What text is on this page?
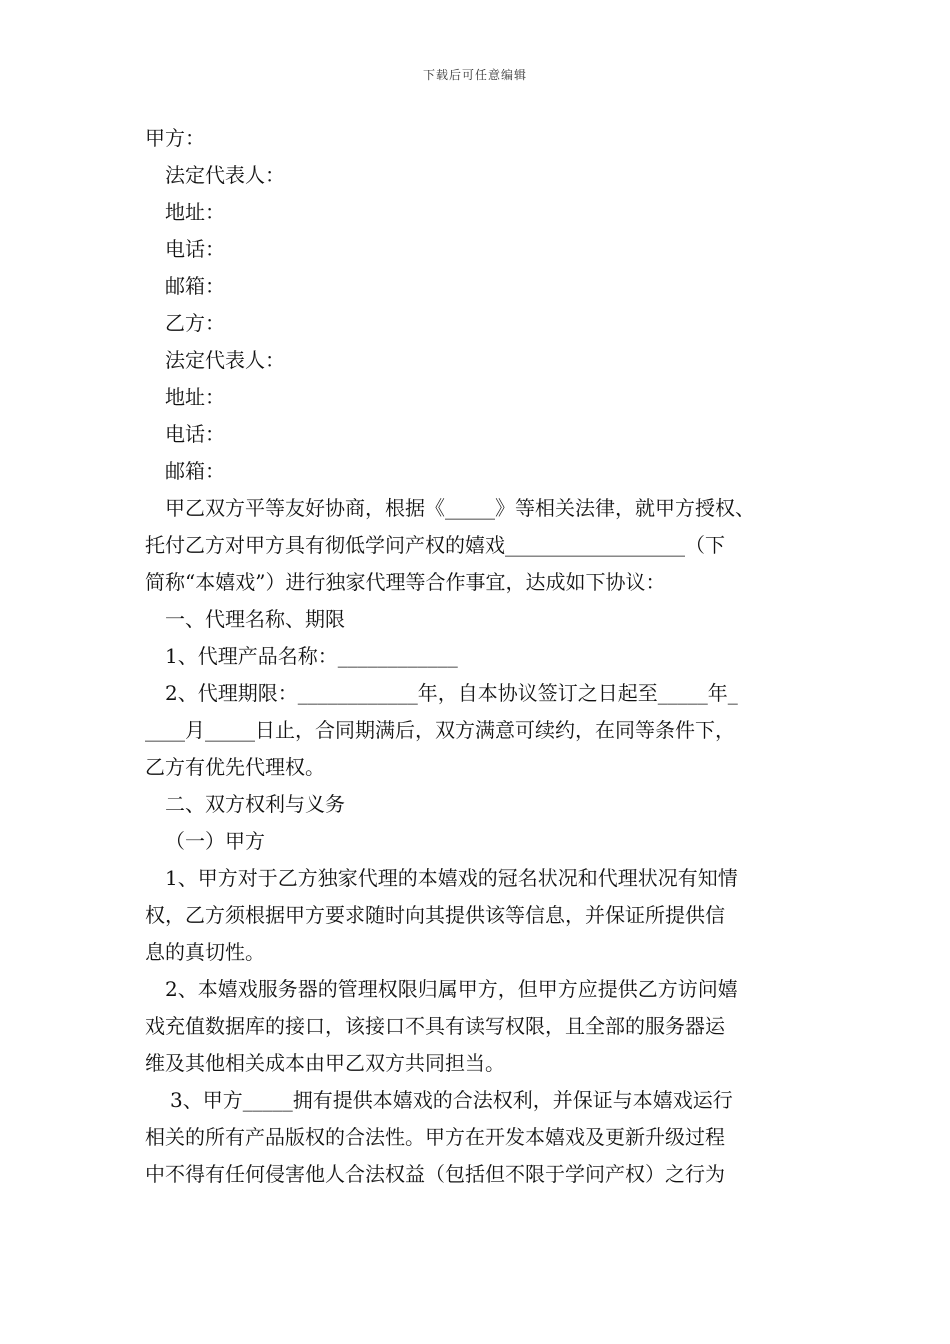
下载后可任意编辑
甲方：
法定代表人：
地址：
电话：
邮箱：
乙方：
法定代表人：
地址：
电话：
邮箱：
甲乙双方平等友好协商，根据《_____》等相关法律，就甲方授权、
托付乙方对甲方具有彻低学问产权的嬉戏__________________（下
简称“本嬉戏”）进行独家代理等合作事宜，达成如下协议：
一、代理名称、期限
1、代理产品名称：____________
2、代理期限：____________年，自本协议签订之日起至_____年_
____月_____日止，合同期满后，双方满意可续约，在同等条件下，
乙方有优先代理权。
二、双方权利与义务
（一）甲方
1、甲方对于乙方独家代理的本嬉戏的冠名状况和代理状况有知情
权，乙方须根据甲方要求随时向其提供该等信息，并保证所提供信
息的真切性。
2、本嬉戏服务器的管理权限归属甲方，但甲方应提供乙方访问嬉
戏充值数据库的接口，该接口不具有读写权限，且全部的服务器运
维及其他相关成本由甲乙双方共同担当。
3、甲方_____拥有提供本嬉戏的合法权利，并保证与本嬉戏运行
相关的所有产品版权的合法性。甲方在开发本嬉戏及更新升级过程
中不得有任何侵害他人合法权益（包括但不限于学问产权）之行为
